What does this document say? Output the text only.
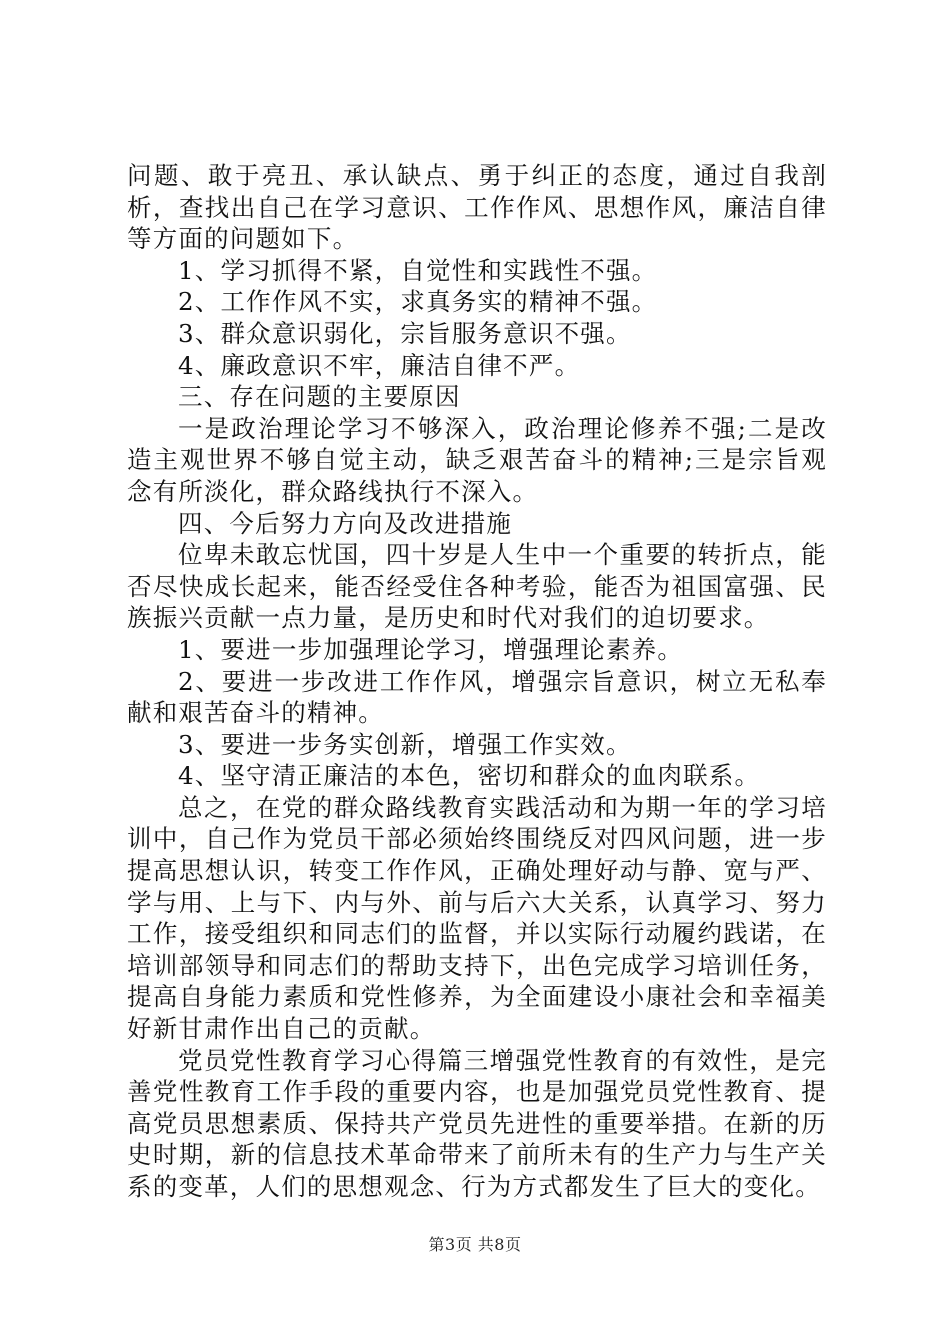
问题、敢于亮丑、承认缺点、勇于纠正的态度，通过自我剖析，查找出自己在学习意识、工作作风、思想作风，廉洁自律等方面的问题如下。

1、学习抓得不紧，自觉性和实践性不强。

2、工作作风不实，求真务实的精神不强。

3、群众意识弱化，宗旨服务意识不强。

4、廉政意识不牢，廉洁自律不严。

三、存在问题的主要原因

一是政治理论学习不够深入，政治理论修养不强;二是改造主观世界不够自觉主动，缺乏艰苦奋斗的精神;三是宗旨观念有所淡化，群众路线执行不深入。

四、今后努力方向及改进措施

位卑未敢忘忧国，四十岁是人生中一个重要的转折点，能否尽快成长起来，能否经受住各种考验，能否为祖国富强、民族振兴贡献一点力量，是历史和时代对我们的迫切要求。

1、要进一步加强理论学习，增强理论素养。

2、要进一步改进工作作风，增强宗旨意识，树立无私奉献和艰苦奋斗的精神。

3、要进一步务实创新，增强工作实效。

4、坚守清正廉洁的本色，密切和群众的血肉联系。

总之，在党的群众路线教育实践活动和为期一年的学习培训中，自己作为党员干部必须始终围绕反对四风问题，进一步提高思想认识，转变工作作风，正确处理好动与静、宽与严、学与用、上与下、内与外、前与后六大关系，认真学习、努力工作，接受组织和同志们的监督，并以实际行动履约践诺，在培训部领导和同志们的帮助支持下，出色完成学习培训任务，提高自身能力素质和党性修养，为全面建设小康社会和幸福美好新甘肃作出自己的贡献。

党员党性教育学习心得篇三增强党性教育的有效性，是完善党性教育工作手段的重要内容，也是加强党员党性教育、提高党员思想素质、保持共产党员先进性的重要举措。在新的历史时期，新的信息技术革命带来了前所未有的生产力与生产关系的变革，人们的思想观念、行为方式都发生了巨大的变化。

第3页 共8页
